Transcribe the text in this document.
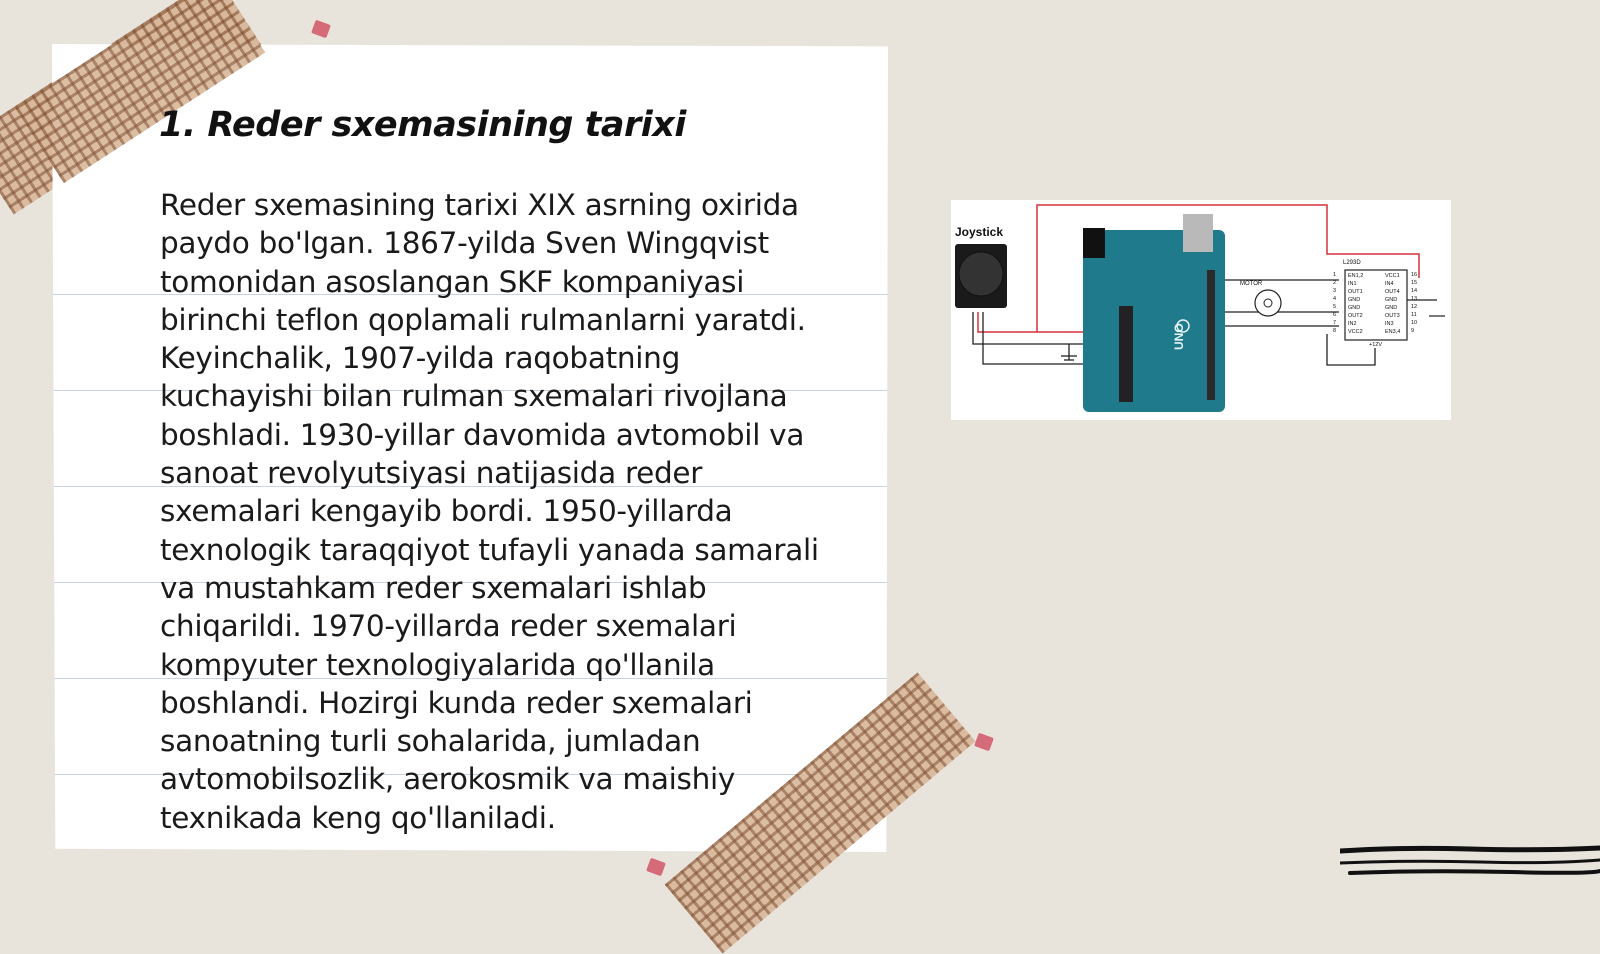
1. Reder sxemasining tarixi
Reder sxemasining tarixi XIX asrning oxirida
paydo bo'lgan. 1867-yilda Sven Wingqvist
tomonidan asoslangan SKF kompaniyasi
birinchi teflon qoplamali rulmanlarni yaratdi.
Keyinchalik, 1907-yilda raqobatning
kuchayishi bilan rulman sxemalari rivojlana
boshladi. 1930-yillar davomida avtomobil va
sanoat revolyutsiyasi natijasida reder
sxemalari kengayib bordi. 1950-yillarda
texnologik taraqqiyot tufayli yanada samarali
va mustahkam reder sxemalari ishlab
chiqarildi. 1970-yillarda reder sxemalari
kompyuter texnologiyalarida qo'llanila
boshlandi. Hozirgi kunda reder sxemalari
sanoatning turli sohalarida, jumladan
avtomobilsozlik, aerokosmik va maishiy
texnikada keng qo'llaniladi.
Joystick
UNO
MOTOR
L293D
EN1,2
IN1
OUT1
GND
GND
OUT2
IN2
VCC2
VCC1
IN4
OUT4
GND
GND
OUT3
IN3
EN3,4
1
2
3
4
5
6
7
8
16
15
14
13
12
11
10
9
+12V
